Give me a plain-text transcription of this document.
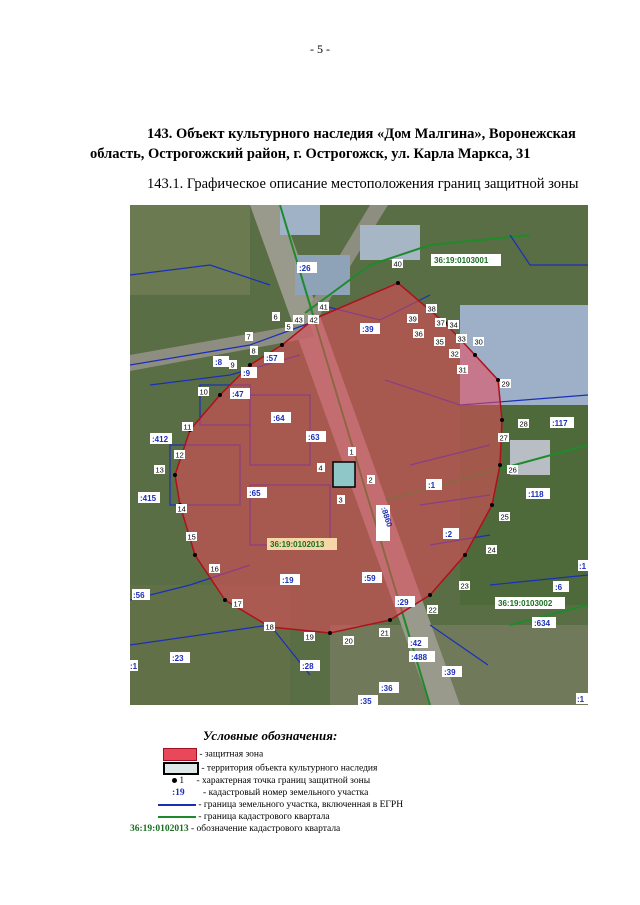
- 5 -
143. Объект культурного наследия «Дом Малгина», Воронежская
область, Острогожский район, г. Острогожск, ул. Карла Маркса, 31
143.1. Графическое описание местоположения границ защитной зоны
1
2
3
4
5
6
7
8
9
10
11
12
13
14
15
16
17
18
19	20
21
22
23
24
25
26
27
28
29
30
31
32
33
34
35
36
37
38
39
40
41
42
43
:26
:39
:57
:9
:8
:47
:64
:63
:412
:65
:415
:1
:118
:2
:117
:19	:59
:29
:56
:6
:634
:23
:28
:42
:488
:39
:36
:35
:1
:1
:1
:8860
36:19:0103001
36:19:0102013
36:19:0103002
Условные обозначения:
- защитная зона
- территория объекта культурного наследия
1 - характерная точка границ защитной зоны
:19 - кадастровый номер земельного участка
- граница земельного участка, включенная в ЕГРН
- граница кадастрового квартала
36:19:0102013 - обозначение кадастрового квартала
